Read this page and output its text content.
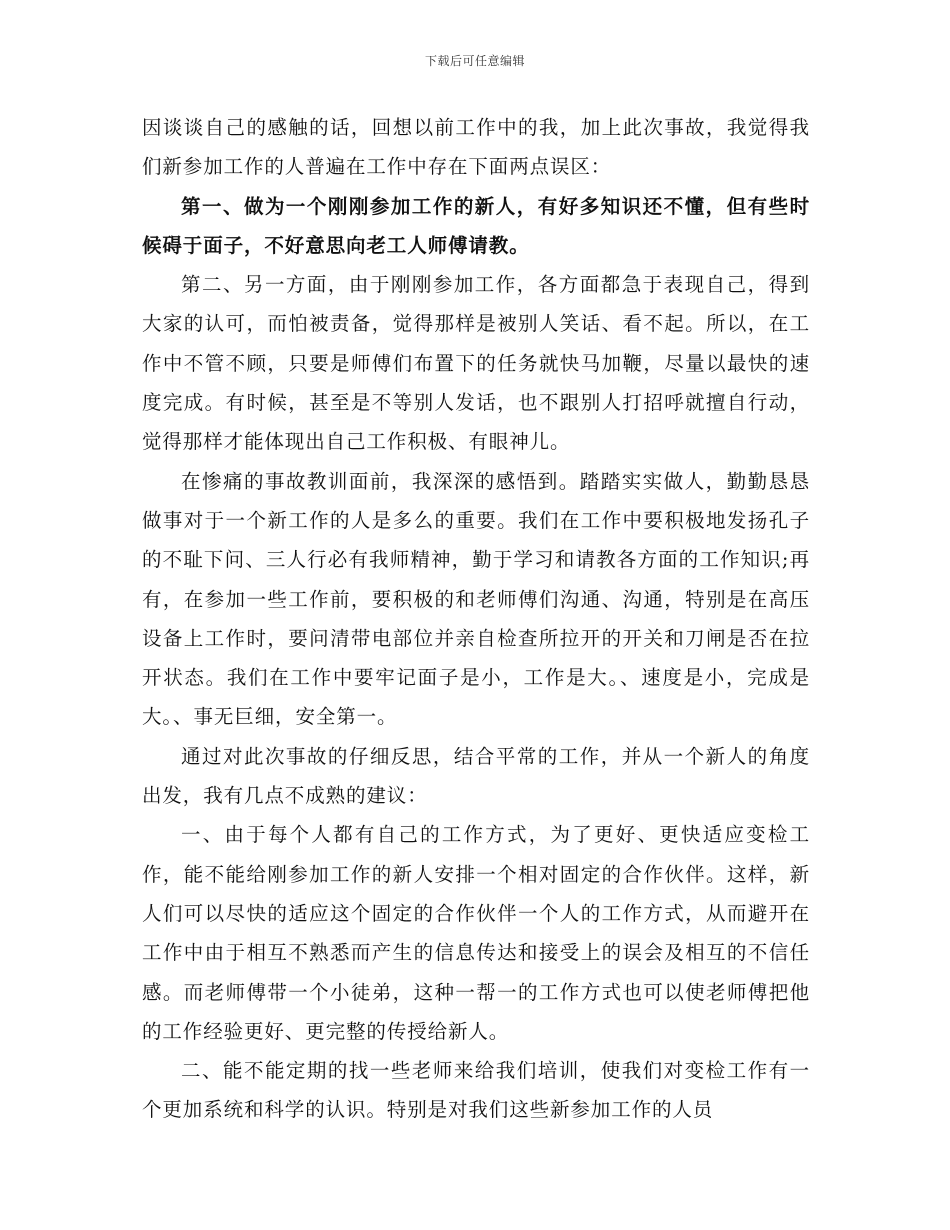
下载后可任意编辑

因谈谈自己的感触的话，回想以前工作中的我，加上此次事故，我觉得我们新参加工作的人普遍在工作中存在下面两点误区：

第一、做为一个刚刚参加工作的新人，有好多知识还不懂，但有些时候碍于面子，不好意思向老工人师傅请教。

第二、另一方面，由于刚刚参加工作，各方面都急于表现自己，得到大家的认可，而怕被责备，觉得那样是被别人笑话、看不起。所以，在工作中不管不顾，只要是师傅们布置下的任务就快马加鞭，尽量以最快的速度完成。有时候，甚至是不等别人发话，也不跟别人打招呼就擅自行动，觉得那样才能体现出自己工作积极、有眼神儿。

在惨痛的事故教训面前，我深深的感悟到。踏踏实实做人，勤勤恳恳做事对于一个新工作的人是多么的重要。我们在工作中要积极地发扬孔子的不耻下问、三人行必有我师精神，勤于学习和请教各方面的工作知识;再有，在参加一些工作前，要积极的和老师傅们沟通、沟通，特别是在高压设备上工作时，要问清带电部位并亲自检查所拉开的开关和刀闸是否在拉开状态。我们在工作中要牢记面子是小，工作是大。、速度是小，完成是大。、事无巨细，安全第一。

通过对此次事故的仔细反思，结合平常的工作，并从一个新人的角度出发，我有几点不成熟的建议：

一、由于每个人都有自己的工作方式，为了更好、更快适应变检工作，能不能给刚参加工作的新人安排一个相对固定的合作伙伴。这样，新人们可以尽快的适应这个固定的合作伙伴一个人的工作方式，从而避开在工作中由于相互不熟悉而产生的信息传达和接受上的误会及相互的不信任感。而老师傅带一个小徒弟，这种一帮一的工作方式也可以使老师傅把他的工作经验更好、更完整的传授给新人。

二、能不能定期的找一些老师来给我们培训，使我们对变检工作有一个更加系统和科学的认识。特别是对我们这些新参加工作的人员
